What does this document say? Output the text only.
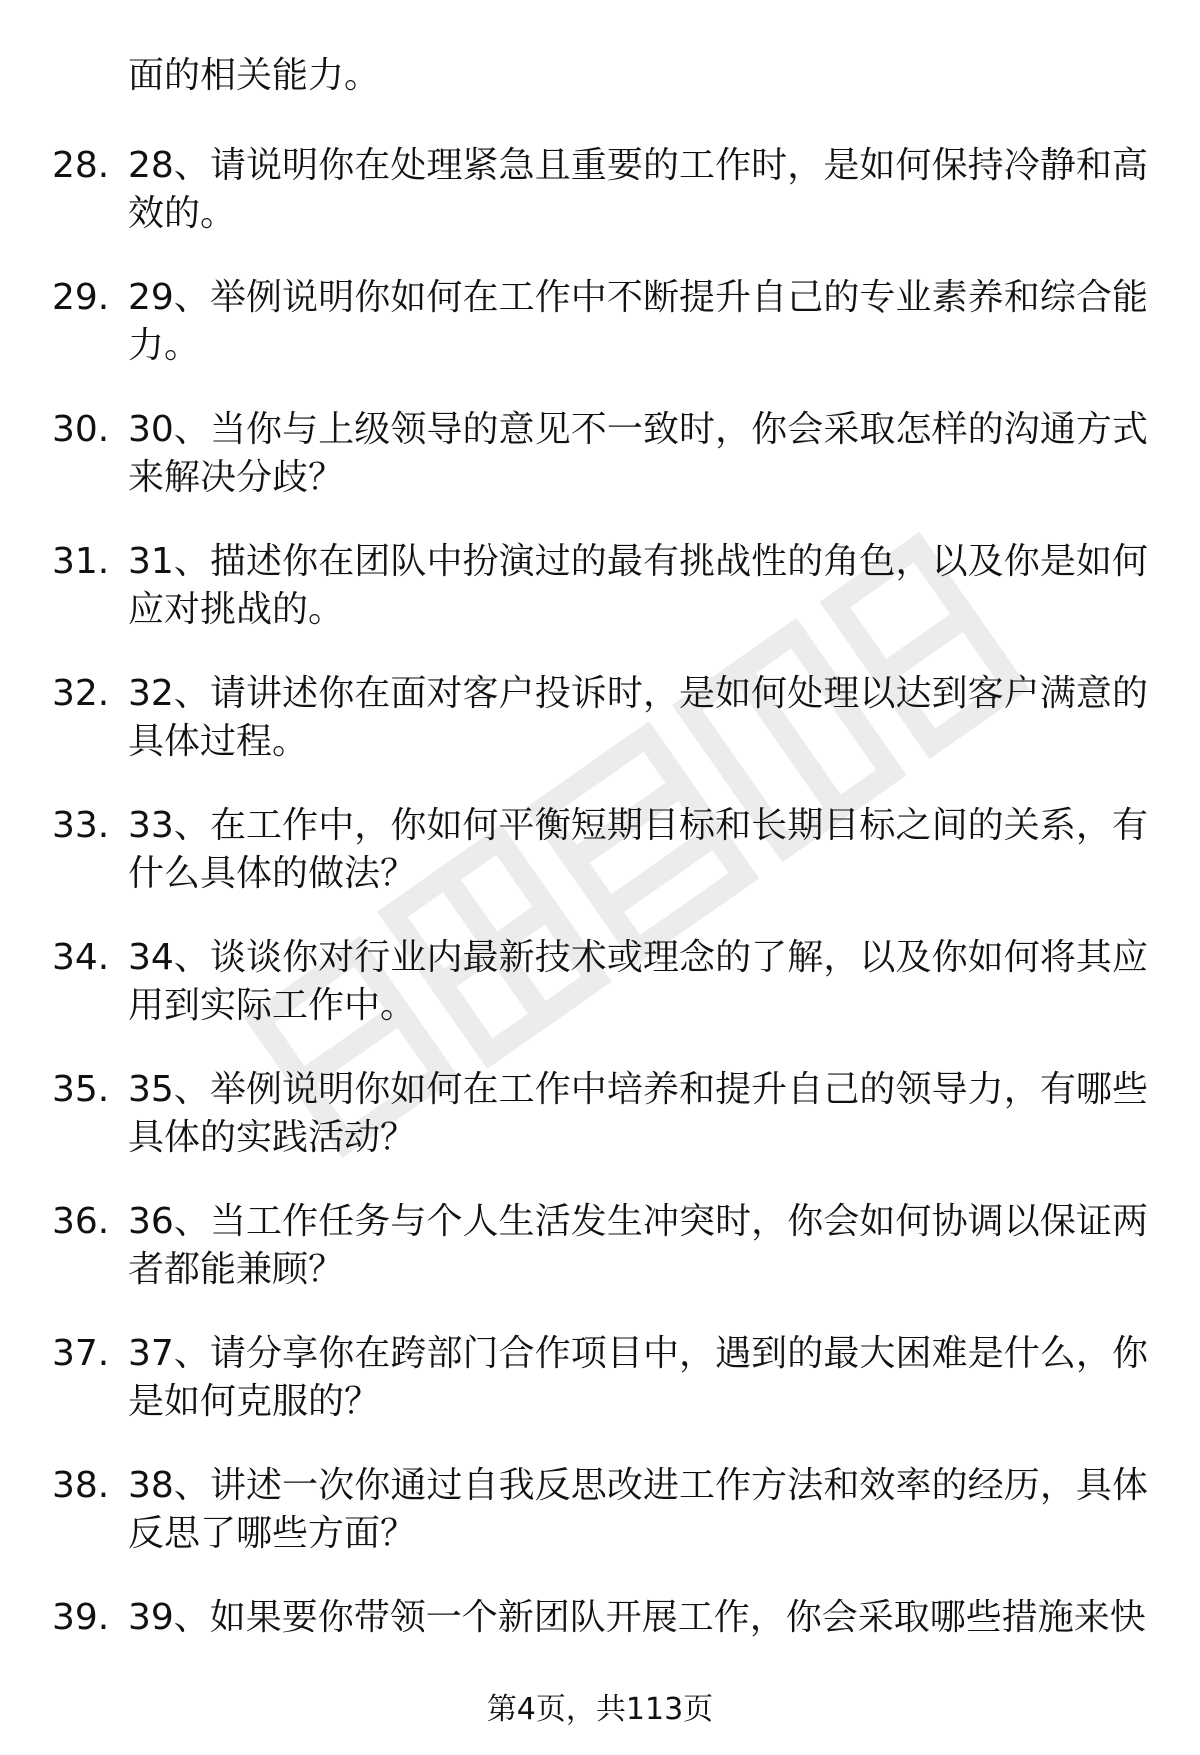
面的相关能力。
28. 28、请说明你在处理紧急且重要的工作时，是如何保持冷静和高效的。
29. 29、举例说明你如何在工作中不断提升自己的专业素养和综合能力。
30. 30、当你与上级领导的意见不一致时，你会采取怎样的沟通方式来解决分歧？
31. 31、描述你在团队中扮演过的最有挑战性的角色，以及你是如何应对挑战的。
32. 32、请讲述你在面对客户投诉时，是如何处理以达到客户满意的具体过程。
33. 33、在工作中，你如何平衡短期目标和长期目标之间的关系，有什么具体的做法？
34. 34、谈谈你对行业内最新技术或理念的了解，以及你如何将其应用到实际工作中。
35. 35、举例说明你如何在工作中培养和提升自己的领导力，有哪些具体的实践活动？
36. 36、当工作任务与个人生活发生冲突时，你会如何协调以保证两者都能兼顾？
37. 37、请分享你在跨部门合作项目中，遇到的最大困难是什么，你是如何克服的？
38. 38、讲述一次你通过自我反思改进工作方法和效率的经历，具体反思了哪些方面？
39. 39、如果要你带领一个新团队开展工作，你会采取哪些措施来快
第4页，共113页
